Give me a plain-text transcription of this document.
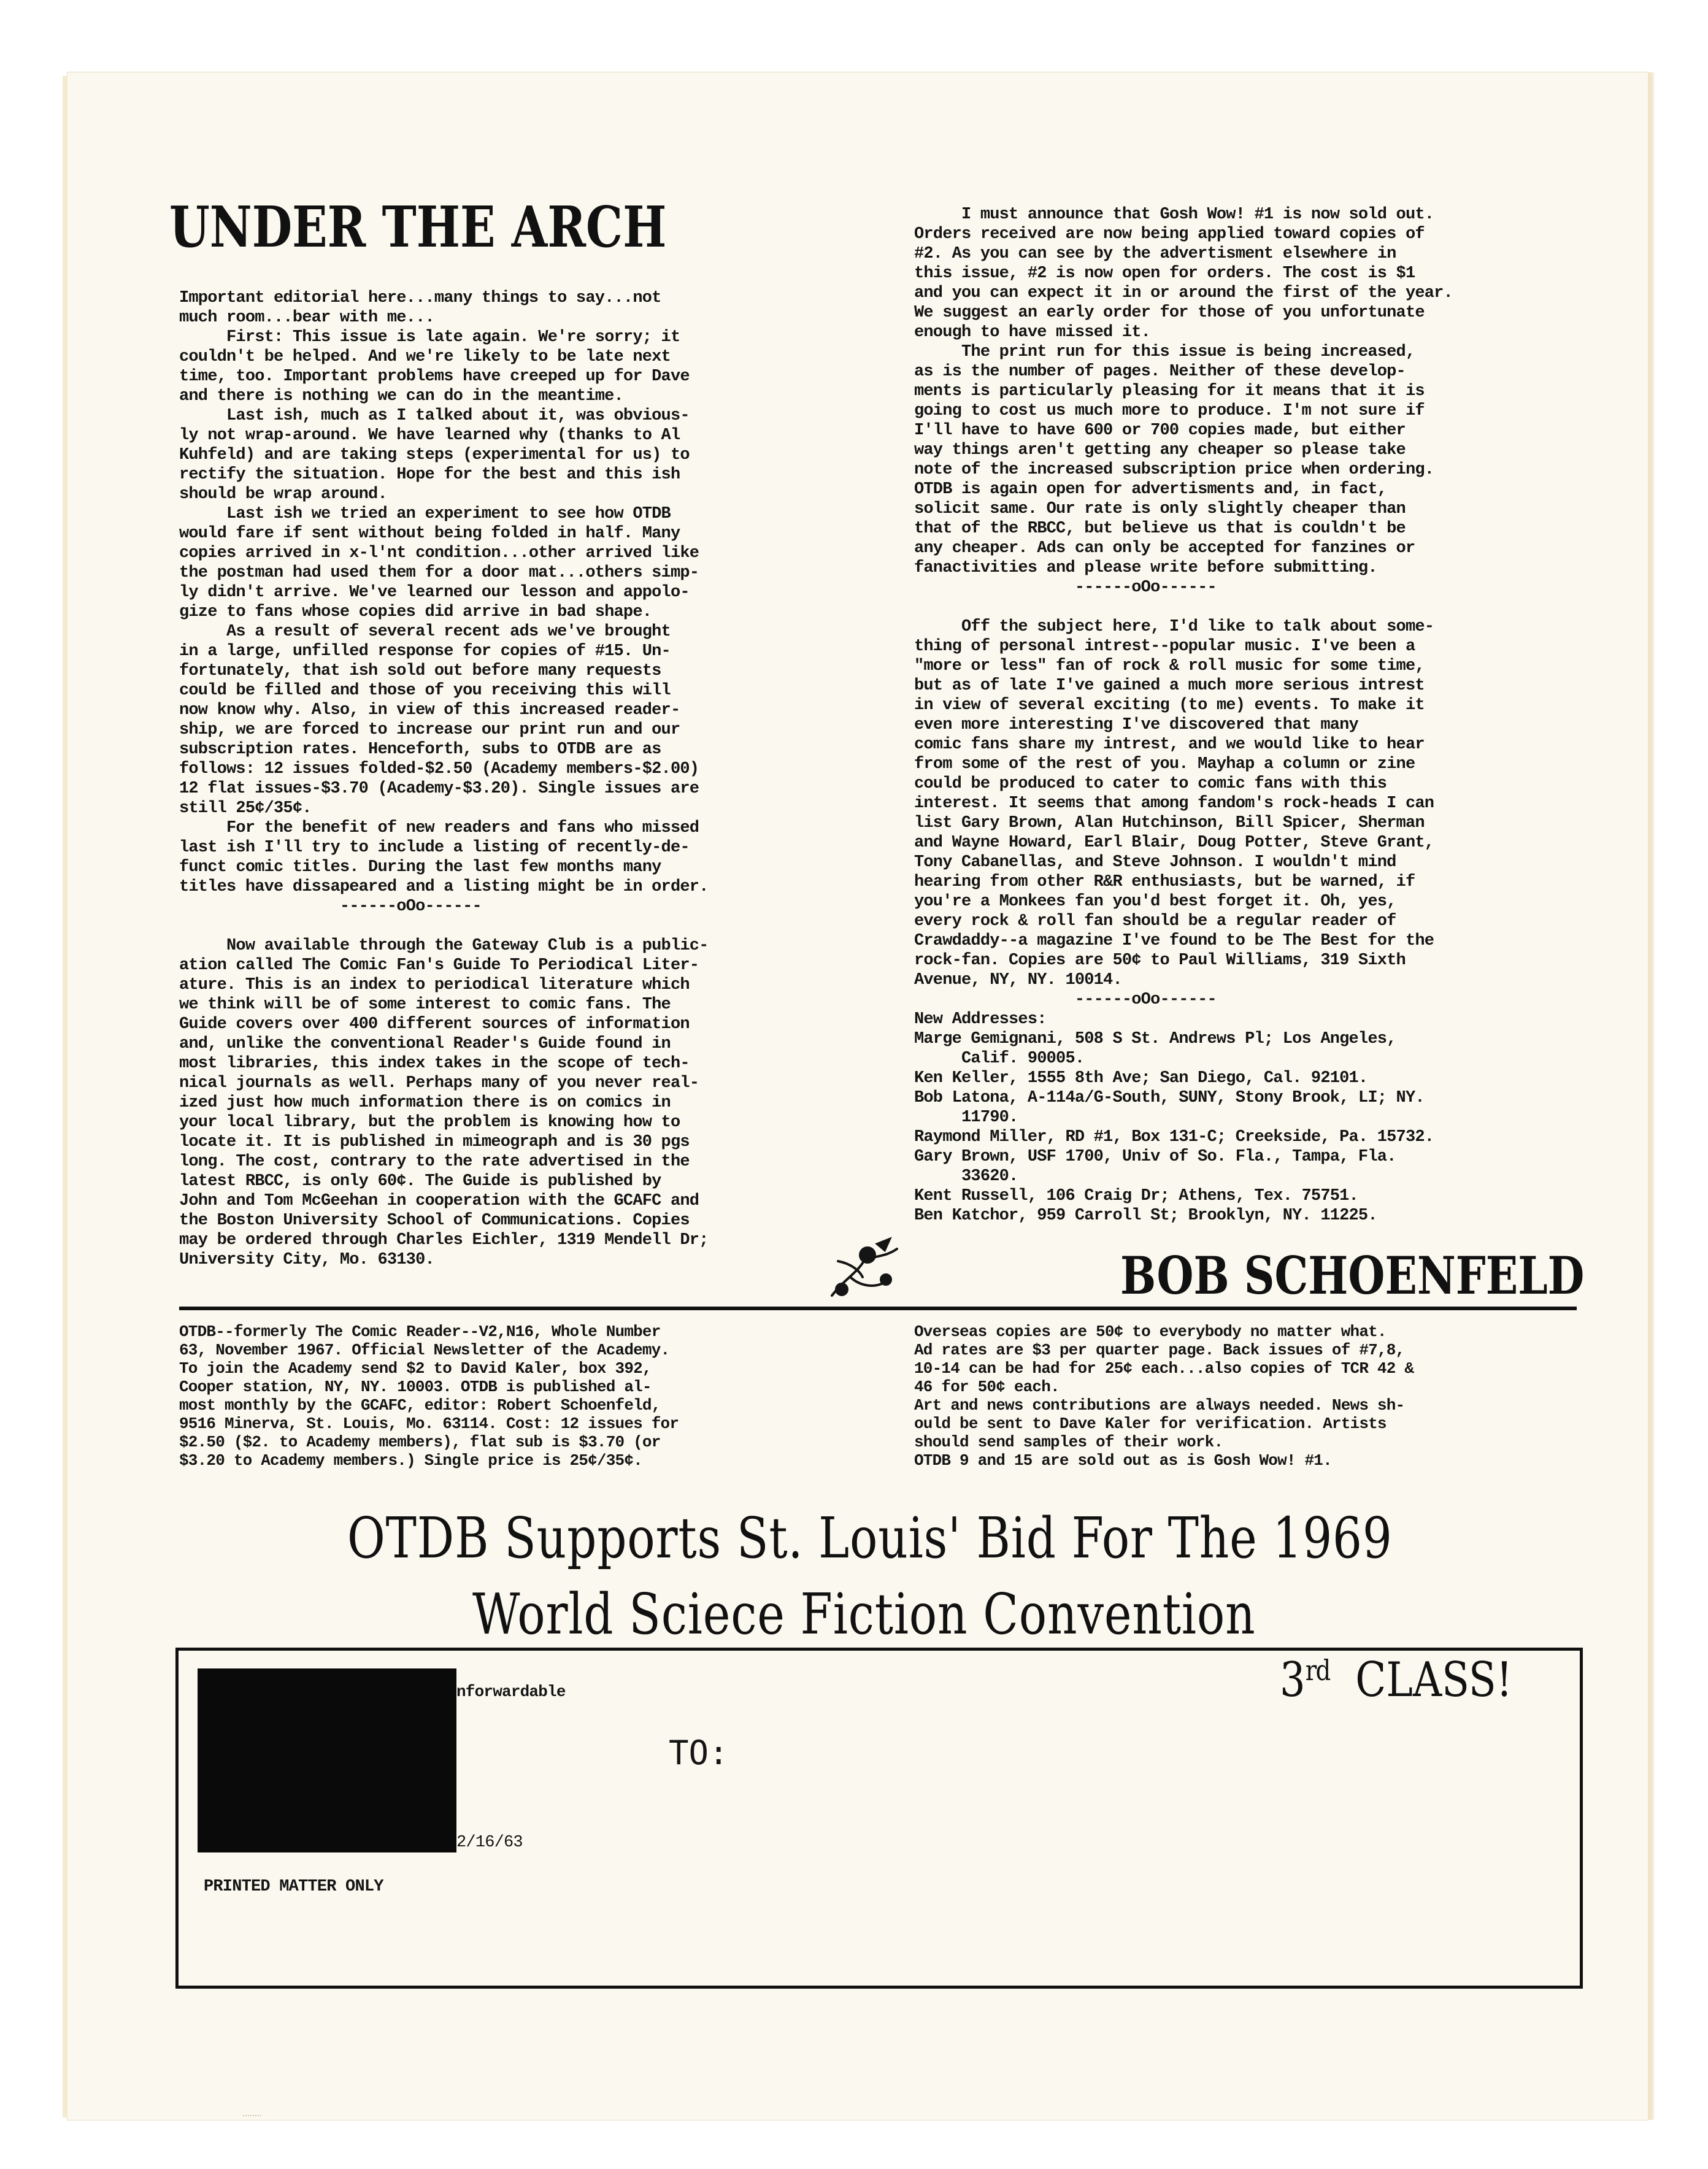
UNDER THE ARCH

Important editorial here...many things to say...not

much room...bear with me...

First: This issue is late again. We're sorry; it

couldn't be helped. And we're likely to be late next

time, too. Important problems have creeped up for Dave

and there is nothing we can do in the meantime.

Last ish, much as I talked about it, was obvious-

ly not wrap-around. We have learned why (thanks to Al

Kuhfeld) and are taking steps (experimental for us) to

rectify the situation. Hope for the best and this ish

should be wrap around.

Last ish we tried an experiment to see how OTDB

would fare if sent without being folded in half. Many

copies arrived in x-l'nt condition...other arrived like

the postman had used them for a door mat...others simp-

ly didn't arrive. We've learned our lesson and appolo-

gize to fans whose copies did arrive in bad shape.

As a result of several recent ads we've brought

in a large, unfilled response for copies of #15. Un-

fortunately, that ish sold out before many requests

could be filled and those of you receiving this will

now know why. Also, in view of this increased reader-

ship, we are forced to increase our print run and our

subscription rates. Henceforth, subs to OTDB are as

follows: 12 issues folded-$2.50 (Academy members-$2.00)

12 flat issues-$3.70 (Academy-$3.20). Single issues are

still 25¢/35¢.

For the benefit of new readers and fans who missed

last ish I'll try to include a listing of recently-de-

funct comic titles. During the last few months many

titles have dissapeared and a listing might be in order.

------oOo------

Now available through the Gateway Club is a public-

ation called The Comic Fan's Guide To Periodical Liter-

ature. This is an index to periodical literature which

we think will be of some interest to comic fans. The

Guide covers over 400 different sources of information

and, unlike the conventional Reader's Guide found in

most libraries, this index takes in the scope of tech-

nical journals as well. Perhaps many of you never real-

ized just how much information there is on comics in

your local library, but the problem is knowing how to

locate it. It is published in mimeograph and is 30 pgs

long. The cost, contrary to the rate advertised in the

latest RBCC, is only 60¢. The Guide is published by

John and Tom McGeehan in cooperation with the GCAFC and

the Boston University School of Communications. Copies

may be ordered through Charles Eichler, 1319 Mendell Dr;

University City, Mo. 63130.

I must announce that Gosh Wow! #1 is now sold out.

Orders received are now being applied toward copies of

#2. As you can see by the advertisment elsewhere in

this issue, #2 is now open for orders. The cost is $1

and you can expect it in or around the first of the year.

We suggest an early order for those of you unfortunate

enough to have missed it.

The print run for this issue is being increased,

as is the number of pages. Neither of these develop-

ments is particularly pleasing for it means that it is

going to cost us much more to produce. I'm not sure if

I'll have to have 600 or 700 copies made, but either

way things aren't getting any cheaper so please take

note of the increased subscription price when ordering.

OTDB is again open for advertisments and, in fact,

solicit same. Our rate is only slightly cheaper than

that of the RBCC, but believe us that is couldn't be

any cheaper. Ads can only be accepted for fanzines or

fanactivities and please write before submitting.

------oOo------

Off the subject here, I'd like to talk about some-

thing of personal intrest--popular music. I've been a

"more or less" fan of rock & roll music for some time,

but as of late I've gained a much more serious intrest

in view of several exciting (to me) events. To make it

even more interesting I've discovered that many

comic fans share my intrest, and we would like to hear

from some of the rest of you. Mayhap a column or zine

could be produced to cater to comic fans with this

interest. It seems that among fandom's rock-heads I can

list Gary Brown, Alan Hutchinson, Bill Spicer, Sherman

and Wayne Howard, Earl Blair, Doug Potter, Steve Grant,

Tony Cabanellas, and Steve Johnson. I wouldn't mind

hearing from other R&R enthusiasts, but be warned, if

you're a Monkees fan you'd best forget it. Oh, yes,

every rock & roll fan should be a regular reader of

Crawdaddy--a magazine I've found to be The Best for the

rock-fan. Copies are 50¢ to Paul Williams, 319 Sixth

Avenue, NY, NY. 10014.

------oOo------

New Addresses:

Marge Gemignani, 508 S St. Andrews Pl; Los Angeles,

Calif. 90005.

Ken Keller, 1555 8th Ave; San Diego, Cal. 92101.

Bob Latona, A-114a/G-South, SUNY, Stony Brook, LI; NY.

11790.

Raymond Miller, RD #1, Box 131-C; Creekside, Pa. 15732.

Gary Brown, USF 1700, Univ of So. Fla., Tampa, Fla.

33620.

Kent Russell, 106 Craig Dr; Athens, Tex. 75751.

Ben Katchor, 959 Carroll St; Brooklyn, NY. 11225.

BOB SCHOENFELD

OTDB--formerly The Comic Reader--V2,N16, Whole Number

63, November 1967. Official Newsletter of the Academy.

To join the Academy send $2 to David Kaler, box 392,

Cooper station, NY, NY. 10003. OTDB is published al-

most monthly by the GCAFC, editor: Robert Schoenfeld,

9516 Minerva, St. Louis, Mo. 63114. Cost: 12 issues for

$2.50 ($2. to Academy members), flat sub is $3.70 (or

$3.20 to Academy members.) Single price is 25¢/35¢.

Overseas copies are 50¢ to everybody no matter what.

Ad rates are $3 per quarter page. Back issues of #7,8,

10-14 can be had for 25¢ each...also copies of TCR 42 &

46 for 50¢ each.

Art and news contributions are always needed. News sh-

ould be sent to Dave Kaler for verification. Artists

should send samples of their work.

OTDB 9 and 15 are sold out as is Gosh Wow! #1.

OTDB Supports St. Louis' Bid For The 1969
World Sciece Fiction Convention
nforwardable
2/16/63
PRINTED MATTER ONLY
TO:
3rd CLASS!
